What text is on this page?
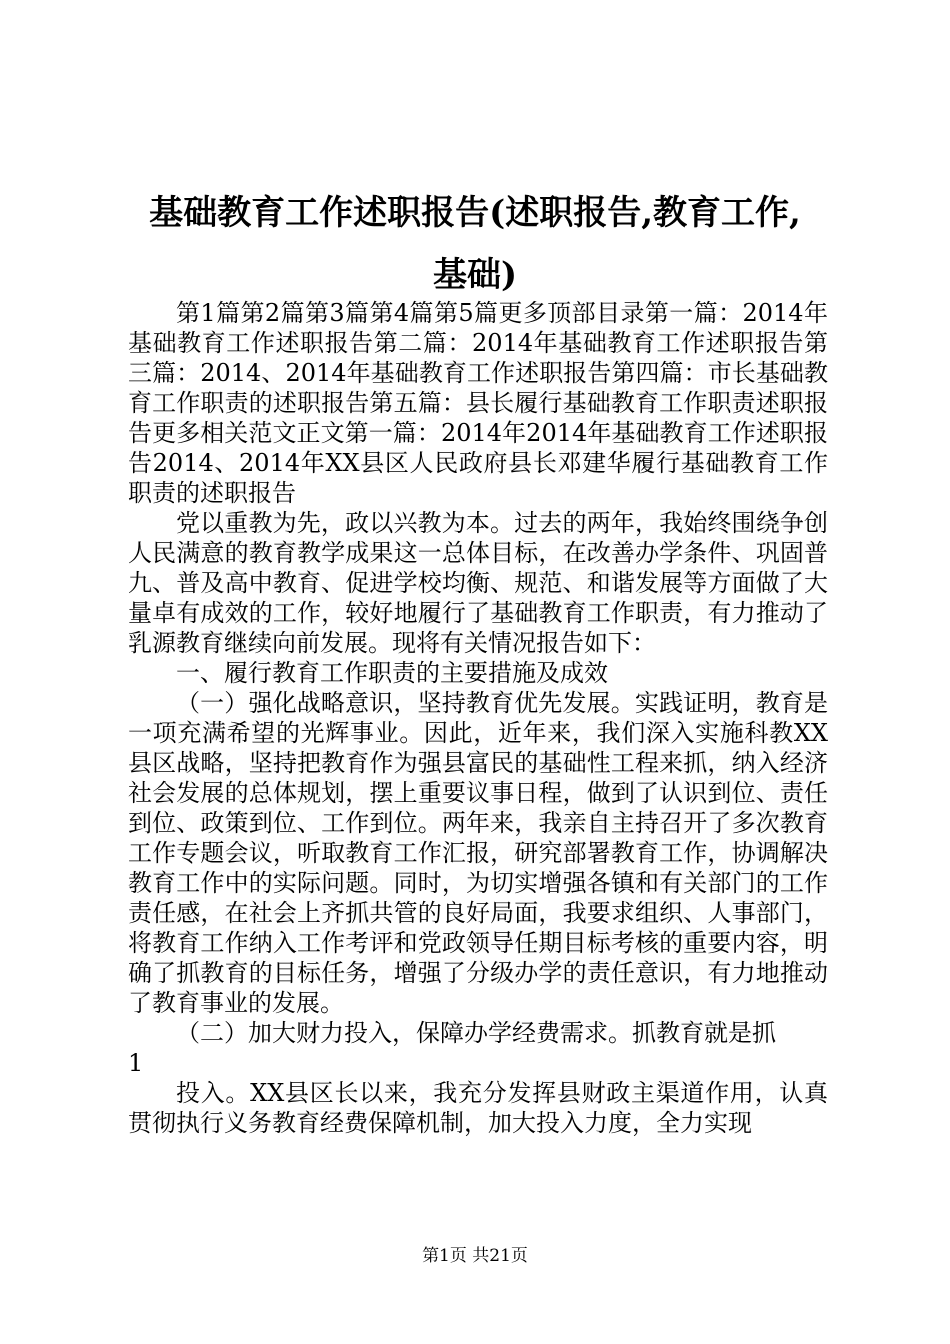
基础教育工作述职报告(述职报告,教育工作,
基础)

第1篇第2篇第3篇第4篇第5篇更多顶部目录第一篇：2014年基础教育工作述职报告第二篇：2014年基础教育工作述职报告第三篇：2014、2014年基础教育工作述职报告第四篇：市长基础教育工作职责的述职报告第五篇：县长履行基础教育工作职责述职报告更多相关范文正文第一篇：2014年2014年基础教育工作述职报告2014、2014年XX县区人民政府县长邓建华履行基础教育工作职责的述职报告

党以重教为先，政以兴教为本。过去的两年，我始终围绕争创人民满意的教育教学成果这一总体目标，在改善办学条件、巩固普九、普及高中教育、促进学校均衡、规范、和谐发展等方面做了大量卓有成效的工作，较好地履行了基础教育工作职责，有力推动了乳源教育继续向前发展。现将有关情况报告如下：

一、履行教育工作职责的主要措施及成效

（一）强化战略意识，坚持教育优先发展。实践证明，教育是一项充满希望的光辉事业。因此，近年来，我们深入实施科教XX县区战略，坚持把教育作为强县富民的基础性工程来抓，纳入经济社会发展的总体规划，摆上重要议事日程，做到了认识到位、责任到位、政策到位、工作到位。两年来，我亲自主持召开了多次教育工作专题会议，听取教育工作汇报，研究部署教育工作，协调解决教育工作中的实际问题。同时，为切实增强各镇和有关部门的工作责任感，在社会上齐抓共管的良好局面，我要求组织、人事部门，将教育工作纳入工作考评和党政领导任期目标考核的重要内容，明确了抓教育的目标任务，增强了分级办学的责任意识，有力地推动了教育事业的发展。

（二）加大财力投入，保障办学经费需求。抓教育就是抓

1

投入。XX县区长以来，我充分发挥县财政主渠道作用，认真贯彻执行义务教育经费保障机制，加大投入力度，全力实现

第1页 共21页
